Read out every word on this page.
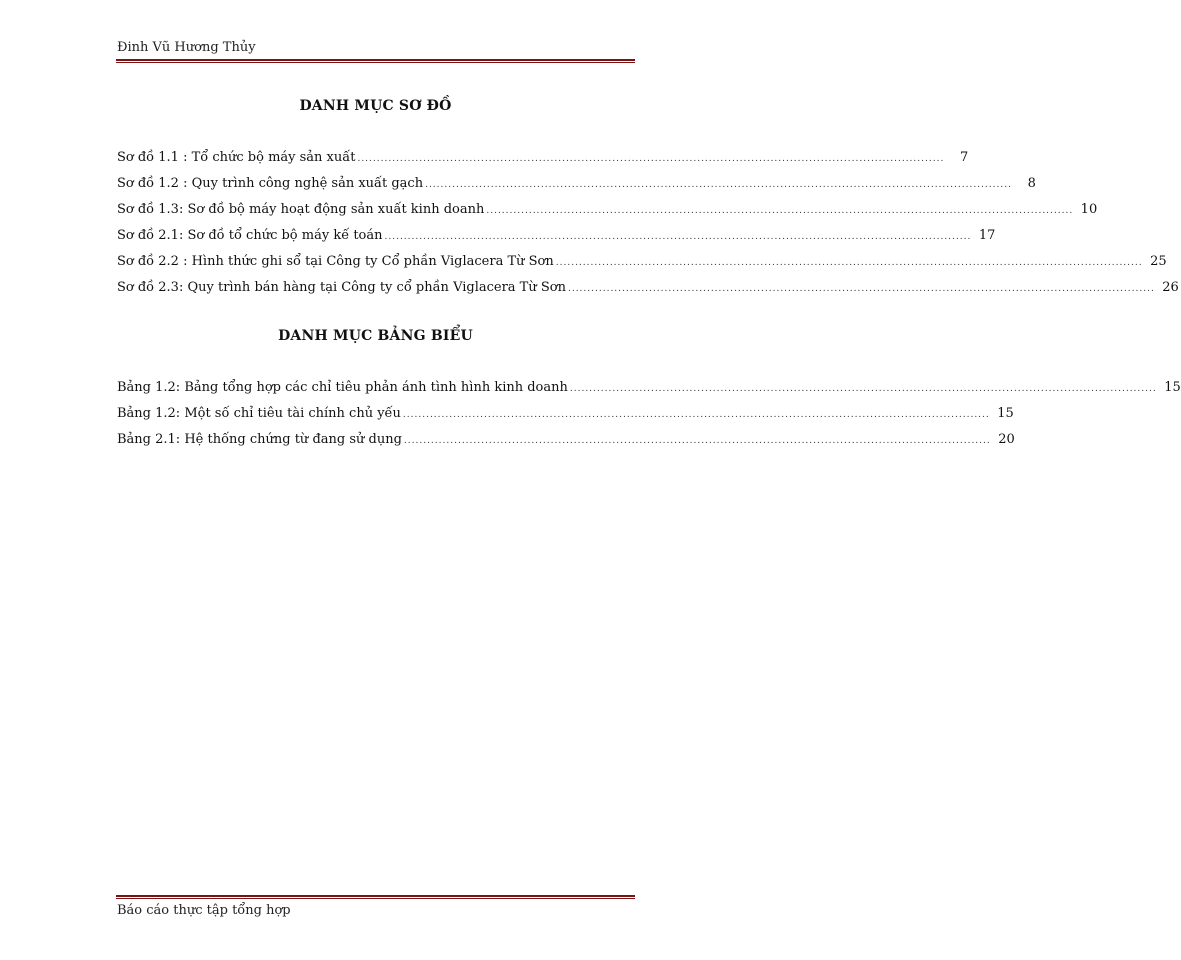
Đinh Vũ Hương Thủy
DANH MỤC SƠ ĐỒ
Sơ đồ 1.1 : Tổ chức bộ máy sản xuất ........................................................................................................................................................	7
Sơ đồ 1.2 : Quy trình công nghệ sản xuất gạch ........................................................................................................................................................	8
Sơ đồ 1.3: Sơ đồ bộ máy hoạt động sản xuất kinh doanh ........................................................................................................................................................ 10
Sơ đồ 2.1: Sơ đồ tổ chức bộ máy kế toán ........................................................................................................................................................ 17
Sơ đồ 2.2 : Hình thức ghi sổ tại Công ty Cổ phần Viglacera Từ Sơn ........................................................................................................................................................ 25
Sơ đồ 2.3: Quy trình bán hàng tại Công ty cổ phần Viglacera Từ Sơn ........................................................................................................................................................ 26
DANH MỤC BẢNG BIỂU
Bảng 1.2: Bảng tổng hợp các chỉ tiêu phản ánh tình hình kinh doanh ........................................................................................................................................................ 15
Bảng 1.2: Một số chỉ tiêu tài chính chủ yếu ........................................................................................................................................................ 15
Bảng 2.1: Hệ thống chứng từ đang sử dụng ........................................................................................................................................................ 20
Báo cáo thực tập tổng hợp
